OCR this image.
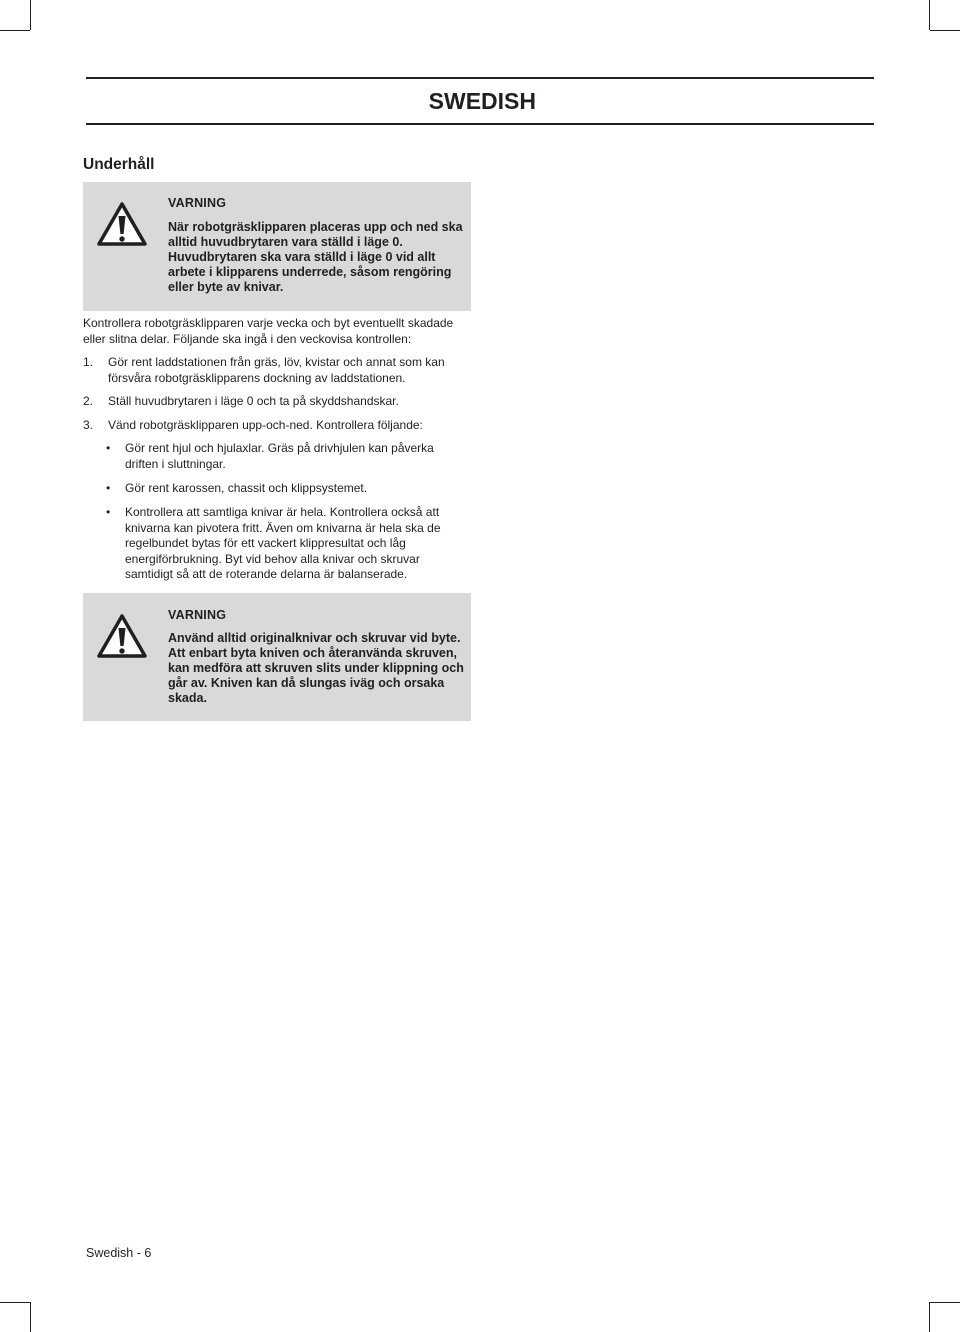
SWEDISH
Underhåll
VARNING
När robotgräsklipparen placeras upp och ned ska alltid huvudbrytaren vara ställd i läge 0. Huvudbrytaren ska vara ställd i läge 0 vid allt arbete i klipparens underrede, såsom rengöring eller byte av knivar.
Kontrollera robotgräsklipparen varje vecka och byt eventuellt skadade eller slitna delar. Följande ska ingå i den veckovisa kontrollen:
1. Gör rent laddstationen från gräs, löv, kvistar och annat som kan försvåra robotgräsklipparens dockning av laddstationen.
2. Ställ huvudbrytaren i läge 0 och ta på skyddshandskar.
3. Vänd robotgräsklipparen upp-och-ned. Kontrollera följande:
• Gör rent hjul och hjulaxlar. Gräs på drivhjulen kan påverka driften i sluttningar.
• Gör rent karossen, chassit och klippsystemet.
• Kontrollera att samtliga knivar är hela. Kontrollera också att knivarna kan pivotera fritt. Även om knivarna är hela ska de regelbundet bytas för ett vackert klippresultat och låg energiförbrukning. Byt vid behov alla knivar och skruvar samtidigt så att de roterande delarna är balanserade.
VARNING
Använd alltid originalknivar och skruvar vid byte. Att enbart byta kniven och återanvända skruven, kan medföra att skruven slits under klippning och går av. Kniven kan då slungas iväg och orsaka skada.
Swedish - 6
